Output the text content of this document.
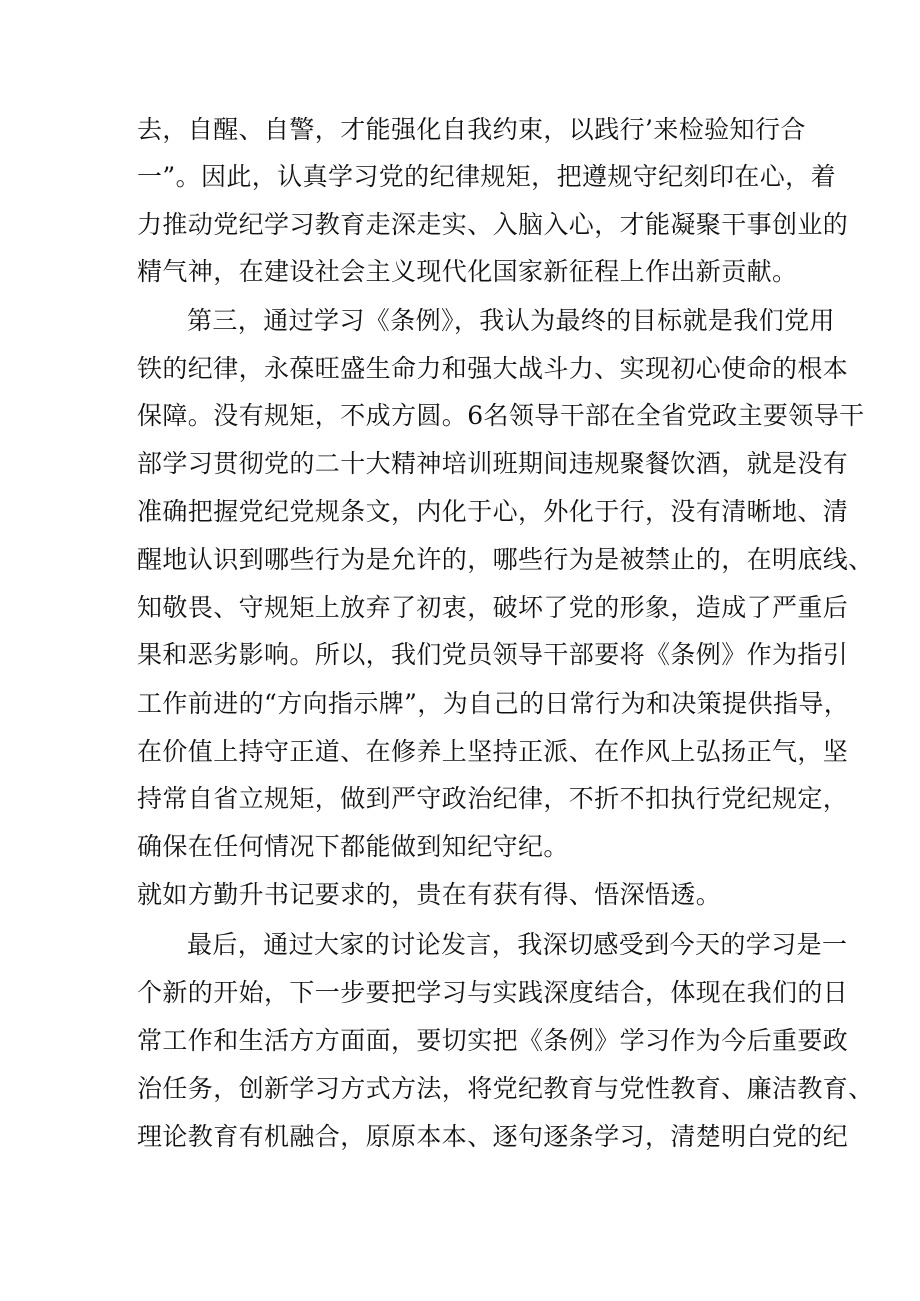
去，自醒、自警，才能强化自我约束，以践行’来检验知行合
一”。因此，认真学习党的纪律规矩，把遵规守纪刻印在心，着
力推动党纪学习教育走深走实、入脑入心，才能凝聚干事创业的
精气神，在建设社会主义现代化国家新征程上作出新贡献。
第三，通过学习《条例》，我认为最终的目标就是我们党用
铁的纪律，永葆旺盛生命力和强大战斗力、实现初心使命的根本
保障。没有规矩，不成方圆。6名领导干部在全省党政主要领导干
部学习贯彻党的二十大精神培训班期间违规聚餐饮酒，就是没有
准确把握党纪党规条文，内化于心，外化于行，没有清晰地、清
醒地认识到哪些行为是允许的，哪些行为是被禁止的，在明底线、
知敬畏、守规矩上放弃了初衷，破坏了党的形象，造成了严重后
果和恶劣影响。所以，我们党员领导干部要将《条例》作为指引
工作前进的“方向指示牌”，为自己的日常行为和决策提供指导，
在价值上持守正道、在修养上坚持正派、在作风上弘扬正气，坚
持常自省立规矩，做到严守政治纪律，不折不扣执行党纪规定，
确保在任何情况下都能做到知纪守纪。
就如方勤升书记要求的，贵在有获有得、悟深悟透。
最后，通过大家的讨论发言，我深切感受到今天的学习是一
个新的开始，下一步要把学习与实践深度结合，体现在我们的日
常工作和生活方方面面，要切实把《条例》学习作为今后重要政
治任务，创新学习方式方法，将党纪教育与党性教育、廉洁教育、
理论教育有机融合，原原本本、逐句逐条学习，清楚明白党的纪
